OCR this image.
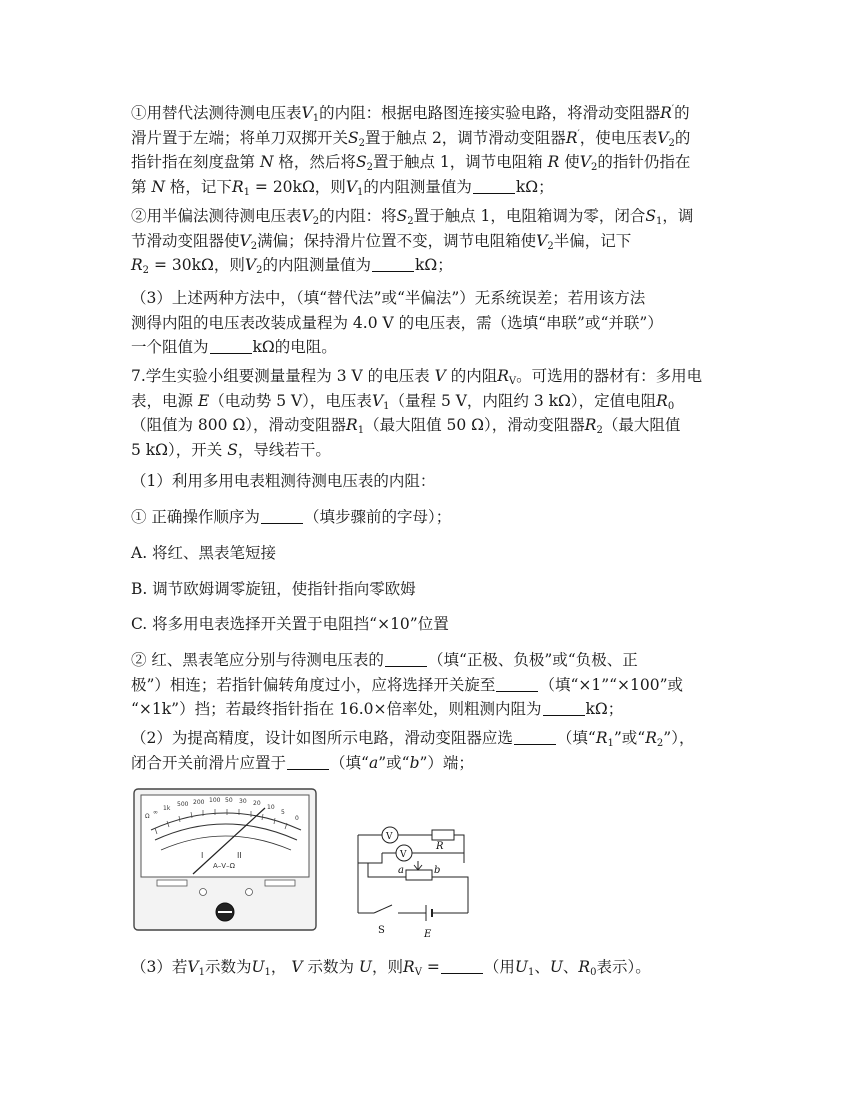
①用替代法测待测电压表$V_1$的内阻：根据电路图连接实验电路，将滑动变阻器R′的

滑片置于左端；将单刀双掷开关$S_2$置于触点 2，调节滑动变阻器R′，使电压表$V_2$的

指针指在刻度盘第 N 格，然后将$S_2$置于触点 1，调节电阻箱 R 使$V_2$的指针仍指在

第 N 格，记下$R_1 = 20k\Omega$，则$V_1$的内阻测量值为	kΩ；

②用半偏法测待测电压表$V_2$的内阻：将$S_2$置于触点 1，电阻箱调为零，闭合$S_1$，调

节滑动变阻器使$V_2$满偏；保持滑片位置不变，调节电阻箱使$V_2$半偏，记下

$R_2 = 30k\Omega$，则$V_2$的内阻测量值为	kΩ；

（3）上述两种方法中，（填“替代法”或“半偏法”）无系统误差；若用该方法

测得内阻的电压表改装成量程为 4.0 V 的电压表，需（选填“串联”或“并联”）

一个阻值为	kΩ的电阻。

7.学生实验小组要测量量程为 3 V 的电压表 V 的内阻$R_V$。可选用的器材有：多用电

表，电源 E（电动势 5 V），电压表$V_1$（量程 5 V，内阻约 3 kΩ），定值电阻$R_0$

（阻值为 800 Ω），滑动变阻器$R_1$（最大阻值 50 Ω），滑动变阻器$R_2$（最大阻值

5 kΩ），开关 S，导线若干。

（1）利用多用电表粗测待测电压表的内阻：

① 正确操作顺序为	（填步骤前的字母）；

A. 将红、黑表笔短接

B. 调节欧姆调零旋钮，使指针指向零欧姆

C. 将多用电表选择开关置于电阻挡“×10”位置

② 红、黑表笔应分别与待测电压表的	（填“正极、负极”或“负极、正

极”）相连；若指针偏转角度过小，应将选择开关旋至	（填“×1”“×100”或

“×1k”）挡；若最终指针指在 16.0×倍率处，则粗测内阻为	kΩ；

（2）为提高精度，设计如图所示电路，滑动变阻器应选	（填“$R_1$”或“$R_2$”），

闭合开关前滑片应置于	（填“a”或“b”）端；

Ω
∞
1k
500 200 100 50 30 20
10
5
0
A–V–Ω
I	II
V
V
R
a	b
S	E

（3）若$V_1$示数为$U_1$， V 示数为 U，则$R_V$ =	（用$U_1$、U、$R_0$表示）。
